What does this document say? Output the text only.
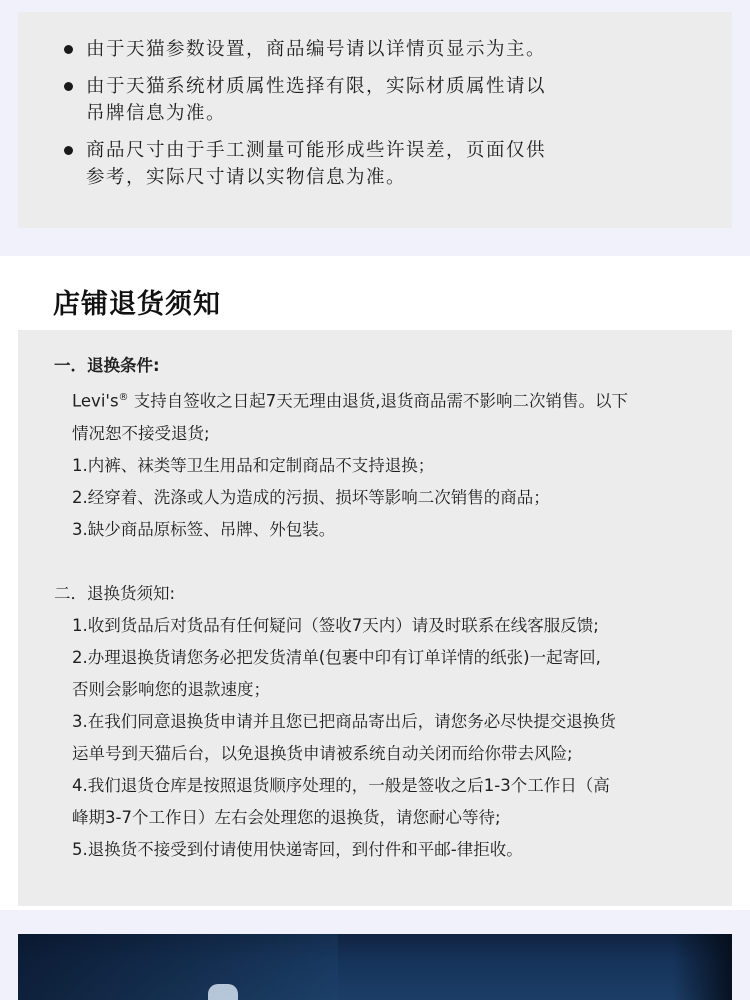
由于天猫参数设置，商品编号请以详情页显示为主。
由于天猫系统材质属性选择有限，实际材质属性请以
吊牌信息为准。
商品尺寸由于手工测量可能形成些许误差，页面仅供
参考，实际尺寸请以实物信息为准。
店铺退货须知
一．退换条件:
Levi's® 支持自签收之日起7天无理由退货,退货商品需不影响二次销售。以下
情况恕不接受退货;
1.内裤、袜类等卫生用品和定制商品不支持退换；
2.经穿着、洗涤或人为造成的污损、损坏等影响二次销售的商品；
3.缺少商品原标签、吊牌、外包装。
二．退换货须知:
1.收到货品后对货品有任何疑问（签收7天内）请及时联系在线客服反馈;
2.办理退换货请您务必把发货清单(包裹中印有订单详情的纸张)一起寄回,
否则会影响您的退款速度；
3.在我们同意退换货申请并且您已把商品寄出后，请您务必尽快提交退换货
运单号到天猫后台，以免退换货申请被系统自动关闭而给你带去风险;
4.我们退货仓库是按照退货顺序处理的，一般是签收之后1-3个工作日（高
峰期3-7个工作日）左右会处理您的退换货，请您耐心等待;
5.退换货不接受到付请使用快递寄回，到付件和平邮-律拒收。
